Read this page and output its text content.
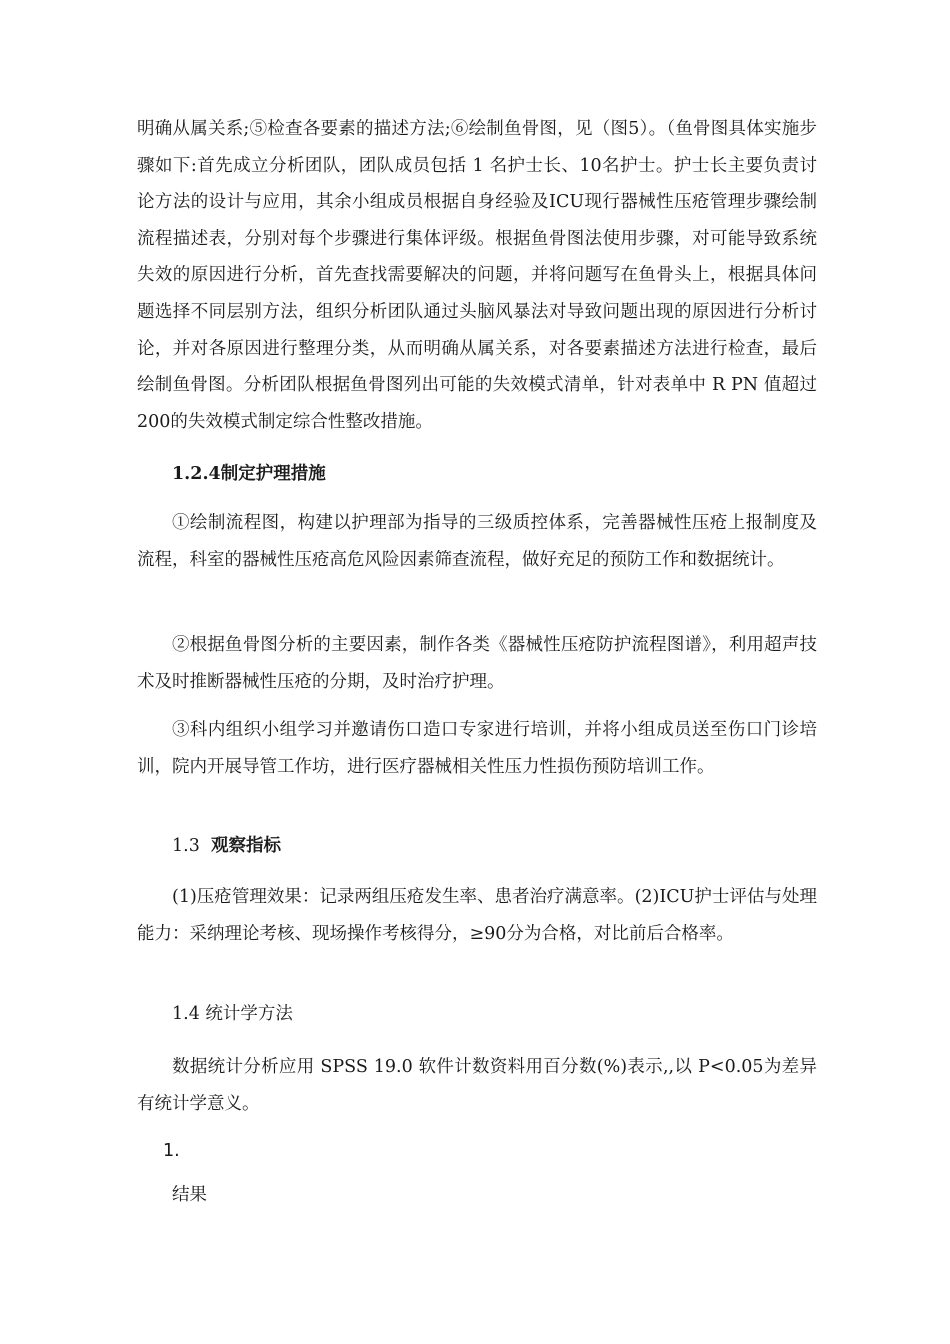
明确从属关系;⑤检查各要素的描述方法;⑥绘制鱼骨图，见（图5）。（鱼骨图具体实施步骤如下:首先成立分析团队，团队成员包括 1 名护士长、10名护士。护士长主要负责讨论方法的设计与应用，其余小组成员根据自身经验及ICU现行器械性压疮管理步骤绘制流程描述表，分别对每个步骤进行集体评级。根据鱼骨图法使用步骤，对可能导致系统失效的原因进行分析，首先查找需要解决的问题，并将问题写在鱼骨头上，根据具体问题选择不同层别方法，组织分析团队通过头脑风暴法对导致问题出现的原因进行分析讨论，并对各原因进行整理分类，从而明确从属关系，对各要素描述方法进行检查，最后绘制鱼骨图。分析团队根据鱼骨图列出可能的失效模式清单，针对表单中 R PN 值超过 200的失效模式制定综合性整改措施。

1.2.4制定护理措施

①绘制流程图，构建以护理部为指导的三级质控体系，完善器械性压疮上报制度及流程，科室的器械性压疮高危风险因素筛查流程，做好充足的预防工作和数据统计。

②根据鱼骨图分析的主要因素，制作各类《器械性压疮防护流程图谱》，利用超声技术及时推断器械性压疮的分期，及时治疗护理。

③科内组织小组学习并邀请伤口造口专家进行培训，并将小组成员送至伤口门诊培训，院内开展导管工作坊，进行医疗器械相关性压力性损伤预防培训工作。

1.3 观察指标

(1)压疮管理效果：记录两组压疮发生率、患者治疗满意率。(2)ICU护士评估与处理能力：采纳理论考核、现场操作考核得分，≥90分为合格，对比前后合格率。

1.4 统计学方法

数据统计分析应用 SPSS 19.0 软件计数资料用百分数(%)表示,,以 P<0.05为差异有统计学意义。

1.

结果
